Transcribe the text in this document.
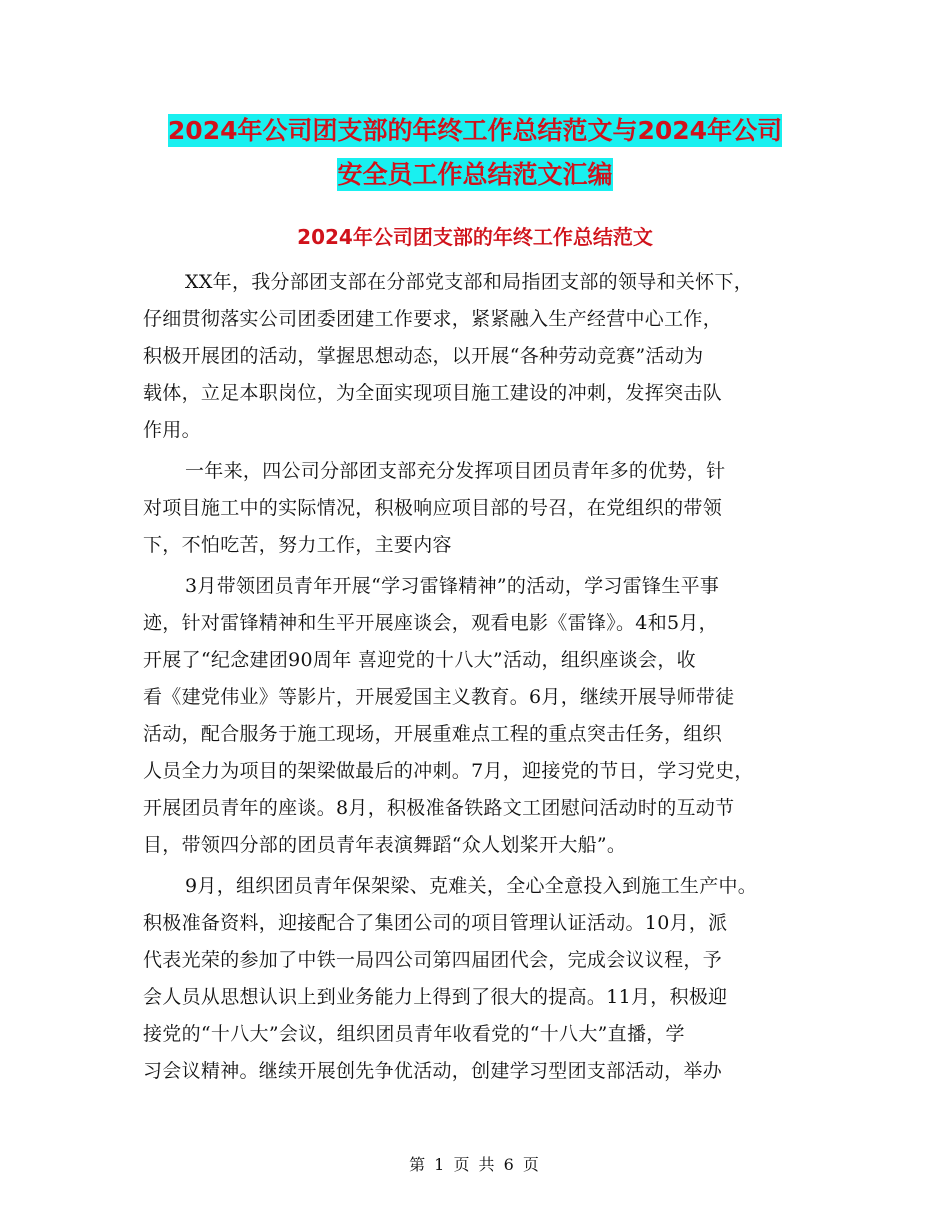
2024年公司团支部的年终工作总结范文与2024年公司
安全员工作总结范文汇编
2024年公司团支部的年终工作总结范文
XX年，我分部团支部在分部党支部和局指团支部的领导和关怀下，
仔细贯彻落实公司团委团建工作要求，紧紧融入生产经营中心工作，
积极开展团的活动，掌握思想动态，以开展“各种劳动竞赛”活动为
载体，立足本职岗位，为全面实现项目施工建设的冲刺，发挥突击队
作用。
一年来，四公司分部团支部充分发挥项目团员青年多的优势，针
对项目施工中的实际情况，积极响应项目部的号召，在党组织的带领
下，不怕吃苦，努力工作，主要内容
3月带领团员青年开展“学习雷锋精神”的活动，学习雷锋生平事
迹，针对雷锋精神和生平开展座谈会，观看电影《雷锋》。4和5月，
开展了“纪念建团90周年 喜迎党的十八大”活动，组织座谈会，收
看《建党伟业》等影片，开展爱国主义教育。6月，继续开展导师带徒
活动，配合服务于施工现场，开展重难点工程的重点突击任务，组织
人员全力为项目的架梁做最后的冲刺。7月，迎接党的节日，学习党史，
开展团员青年的座谈。8月，积极准备铁路文工团慰问活动时的互动节
目，带领四分部的团员青年表演舞蹈“众人划桨开大船”。
9月，组织团员青年保架梁、克难关，全心全意投入到施工生产中。
积极准备资料，迎接配合了集团公司的项目管理认证活动。10月，派
代表光荣的参加了中铁一局四公司第四届团代会，完成会议议程，予
会人员从思想认识上到业务能力上得到了很大的提高。11月，积极迎
接党的“十八大”会议，组织团员青年收看党的“十八大”直播，学
习会议精神。继续开展创先争优活动，创建学习型团支部活动，举办
第 1 页 共 6 页
